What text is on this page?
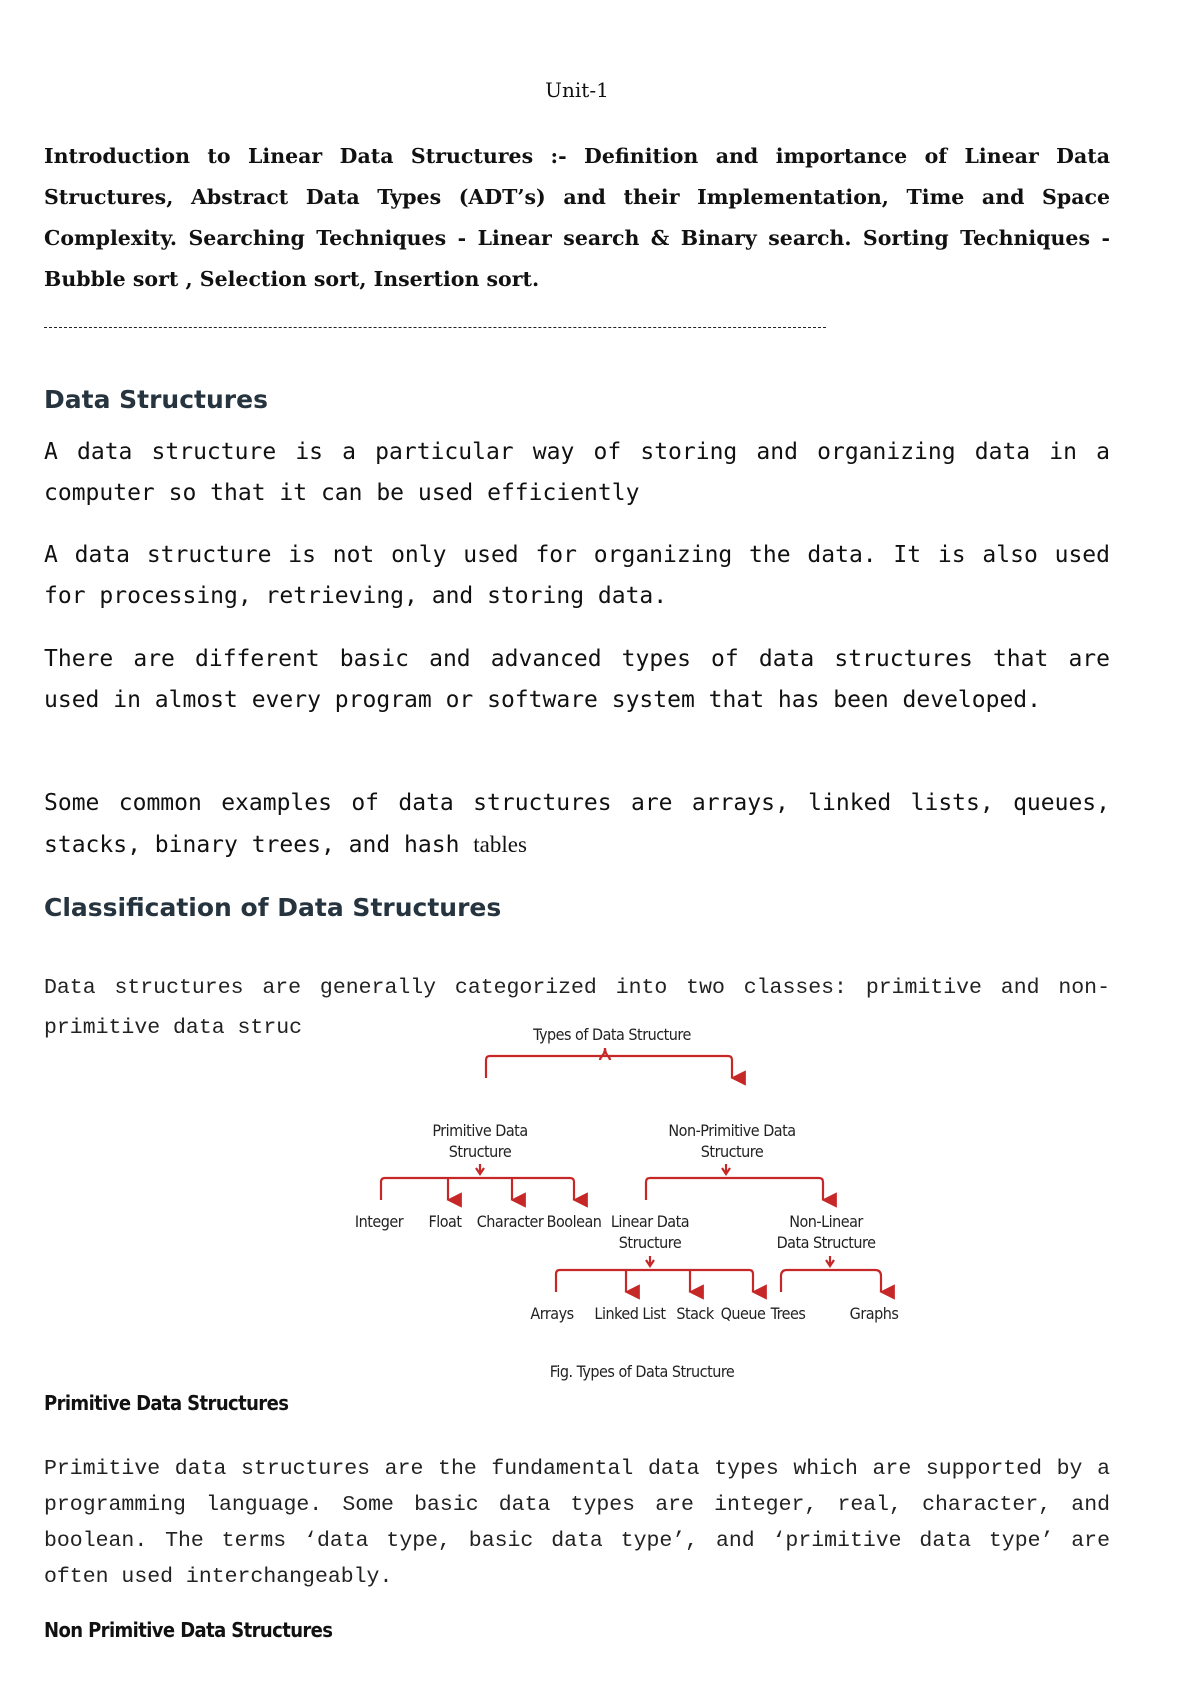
Unit-1
Introduction to Linear Data Structures :- Definition and importance of Linear Data Structures, Abstract Data Types (ADT’s) and their Implementation, Time and Space Complexity. Searching Techniques - Linear search & Binary search. Sorting Techniques - Bubble sort , Selection sort, Insertion sort.
Data Structures
A data structure is a particular way of storing and organizing data in a computer so that it can be used efficiently
A data structure is not only used for organizing the data. It is also used for processing, retrieving, and storing data.
There are different basic and advanced types of data structures that are used in almost every program or software system that has been developed.
Some common examples of data structures are arrays, linked lists, queues, stacks, binary trees, and hash tables
Classification of Data Structures
Data structures are generally categorized into two classes: primitive and non-primitive data struc	Types of Data Structure
Primitive Data
Structure
Non-Primitive Data
Structure
Integer Float Character Boolean Linear Data
Structure
Non-Linear
Data Structure
Arrays Linked List Stack Queue Trees	Graphs
Fig. Types of Data Structure
Primitive Data Structures
Primitive data structures are the fundamental data types which are supported by a programming language. Some basic data types are integer, real, character, and boolean. The terms ‘data type, basic data type’, and ‘primitive data type’ are often used interchangeably.
Non Primitive Data Structures
